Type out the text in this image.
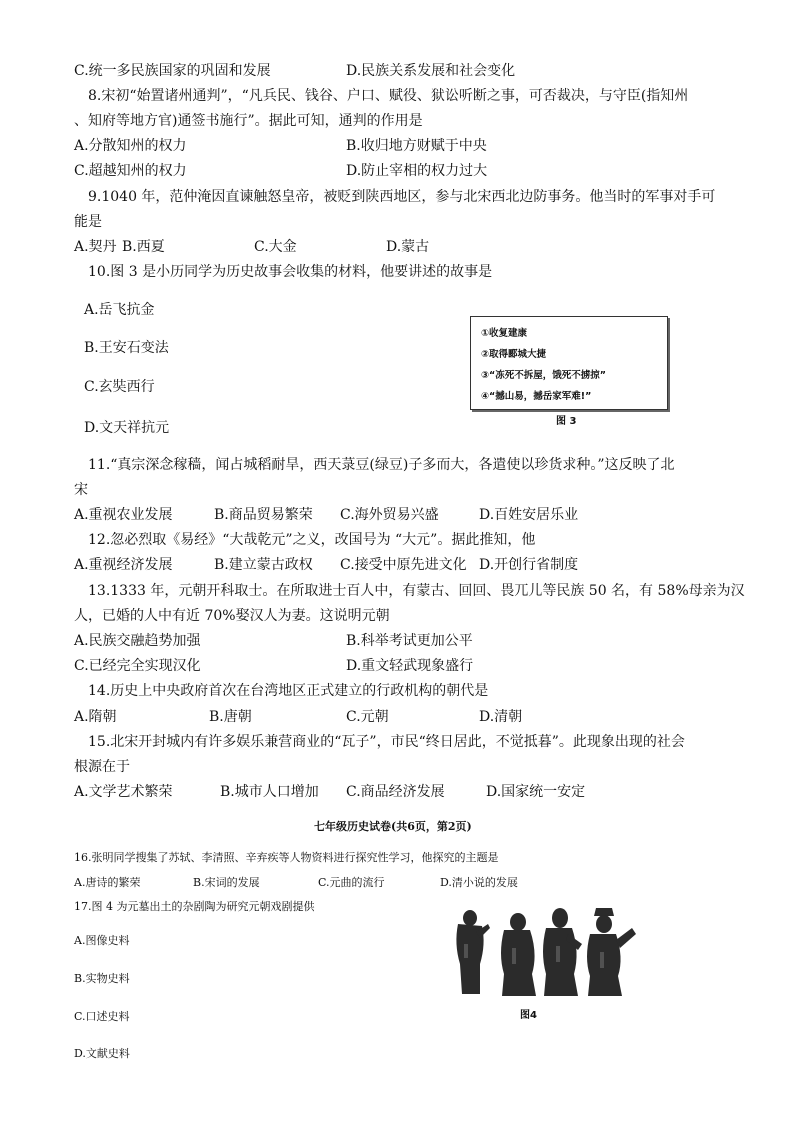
C.统一多民族国家的巩固和发展	D.民族关系发展和社会变化
8.宋初“始置诸州通判”，“凡兵民、钱谷、户口、赋役、狱讼听断之事，可否裁决，与守臣(指知州
、知府等地方官)通签书施行”。据此可知，通判的作用是
A.分散知州的权力	B.收归地方财赋于中央
C.超越知州的权力	D.防止宰相的权力过大
9.1040 年，范仲淹因直谏触怒皇帝，被贬到陕西地区，参与北宋西北边防事务。他当时的军事对手可
能是
A.契丹 B.西夏	C.大金	D.蒙古
10.图 3 是小历同学为历史故事会收集的材料，他要讲述的故事是
A.岳飞抗金
B.王安石变法
C.玄奘西行
D.文天祥抗元
①收复建康
②取得郾城大捷
③“冻死不拆屋，饿死不掳掠”
④“撼山易，撼岳家军难!”
图 3
11.“真宗深念稼穑，闻占城稻耐旱，西天菉豆(绿豆)子多而大，各遣使以珍货求种。”这反映了北
宋
A.重视农业发展	B.商品贸易繁荣 C.海外贸易兴盛	D.百姓安居乐业
12.忽必烈取《易经》“大哉乾元”之义，改国号为 “大元”。据此推知，他
A.重视经济发展	B.建立蒙古政权 C.接受中原先进文化 D.开创行省制度
13.1333 年，元朝开科取士。在所取进士百人中，有蒙古、回回、畏兀儿等民族 50 名，有 58%母亲为汉
人，已婚的人中有近 70%娶汉人为妻。这说明元朝
A.民族交融趋势加强	B.科举考试更加公平
C.已经完全实现汉化	D.重文轻武现象盛行
14.历史上中央政府首次在台湾地区正式建立的行政机构的朝代是
A.隋朝	B.唐朝	C.元朝	D.清朝
15.北宋开封城内有许多娱乐兼营商业的“瓦子”，市民“终日居此，不觉抵暮”。此现象出现的社会
根源在于
A.文学艺术繁荣	B.城市人口增加 C.商品经济发展	D.国家统一安定
七年级历史试卷(共6页，第2页)
16.张明同学搜集了苏轼、李清照、辛弃疾等人物资料进行探究性学习，他探究的主题是
A.唐诗的繁荣	B.宋词的发展	C.元曲的流行	D.清小说的发展
17.图 4 为元墓出土的杂剧陶为研究元朝戏剧提供
A.图像史料
B.实物史料
C.口述史料
D.文献史料
图4
